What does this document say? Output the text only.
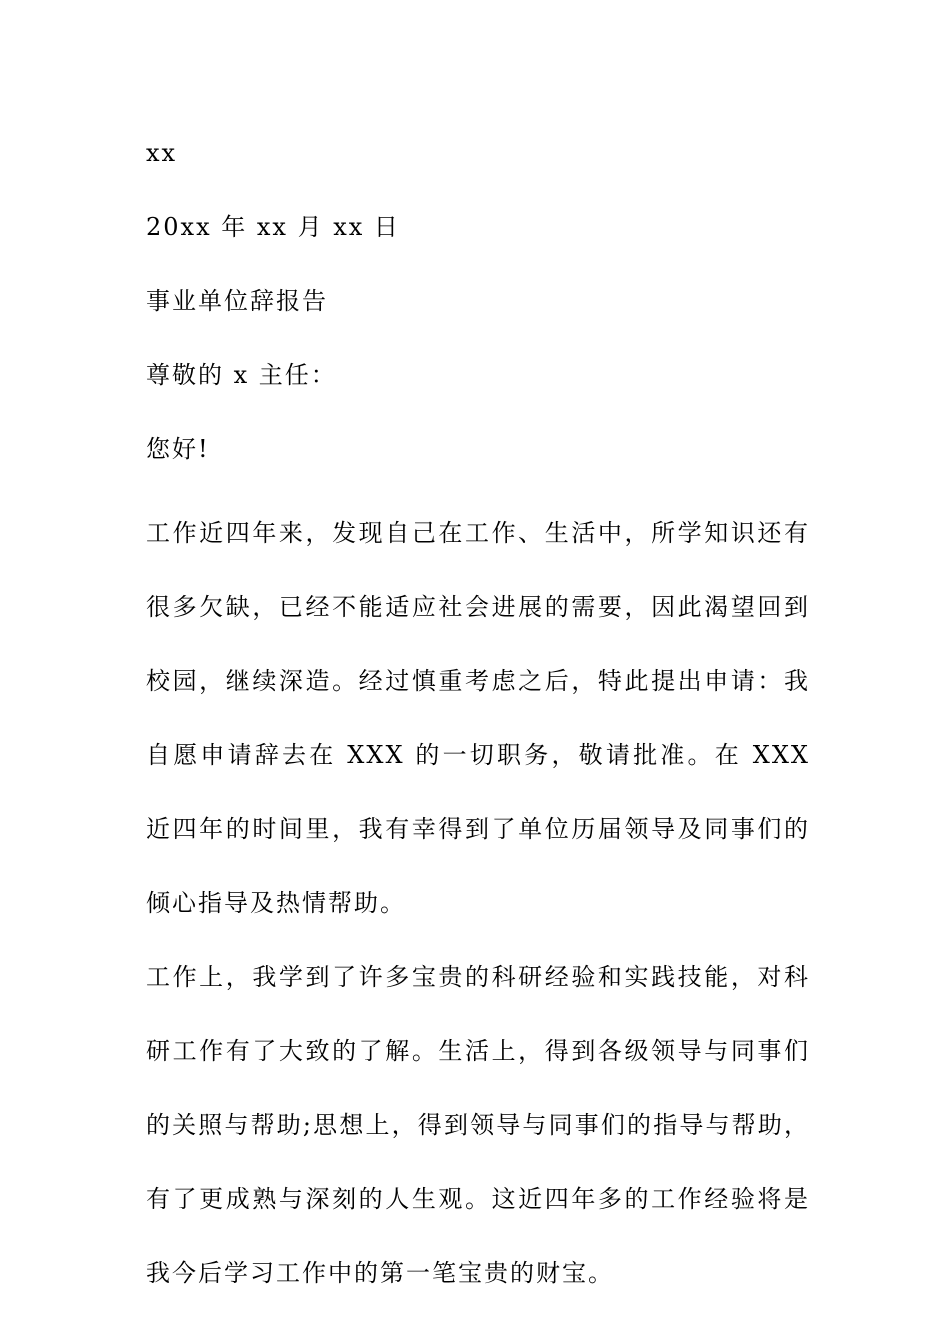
xx
20xx 年 xx 月 xx 日
事业单位辞报告
尊敬的 x 主任：
您好!

工作近四年来，发现自己在工作、生活中，所学知识还有很多欠缺，已经不能适应社会进展的需要，因此渴望回到校园，继续深造。经过慎重考虑之后，特此提出申请：我自愿申请辞去在 XXX 的一切职务，敬请批准。在 XXX 近四年的时间里，我有幸得到了单位历届领导及同事们的倾心指导及热情帮助。

工作上，我学到了许多宝贵的科研经验和实践技能，对科研工作有了大致的了解。生活上，得到各级领导与同事们的关照与帮助;思想上，得到领导与同事们的指导与帮助，有了更成熟与深刻的人生观。这近四年多的工作经验将是我今后学习工作中的第一笔宝贵的财宝。
